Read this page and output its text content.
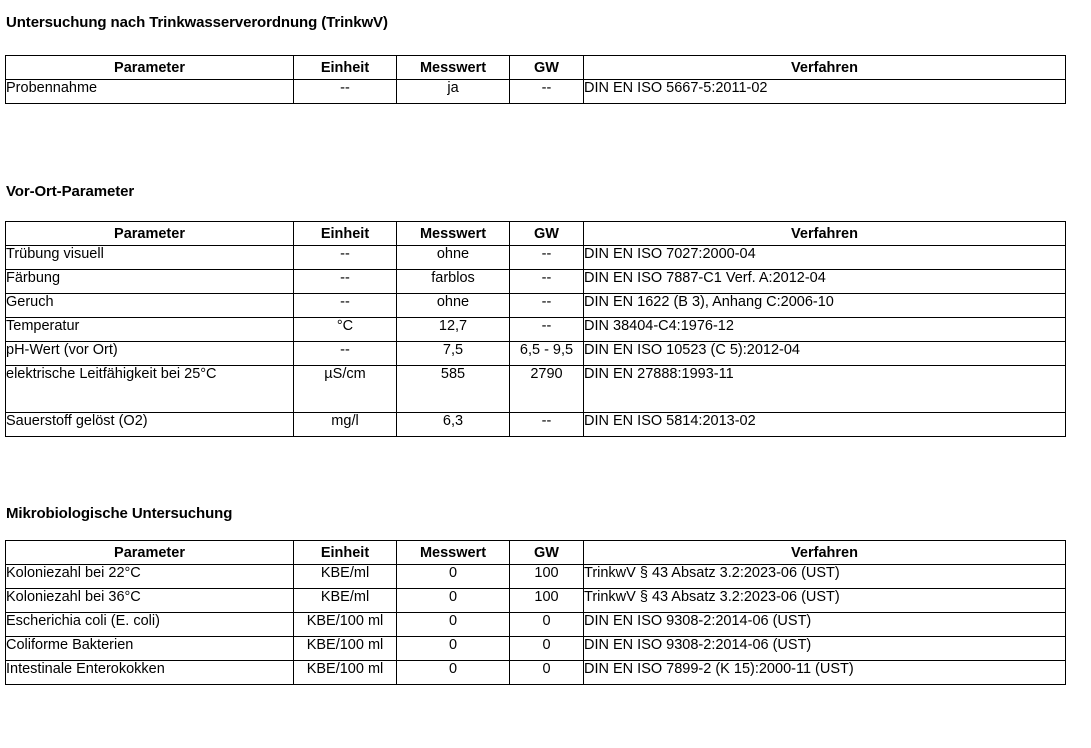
Untersuchung nach Trinkwasserverordnung (TrinkwV)
Parameter	Einheit	Messwert	GW	Verfahren
Probennahme	--	ja	--	DIN EN ISO 5667-5:2011-02
Vor-Ort-Parameter
Parameter	Einheit	Messwert	GW	Verfahren
Trübung visuell	--	ohne	--	DIN EN ISO 7027:2000-04
Färbung	--	farblos	--	DIN EN ISO 7887-C1 Verf. A:2012-04
Geruch	--	ohne	--	DIN EN 1622 (B 3), Anhang C:2006-10
Temperatur	°C	12,7	--	DIN 38404-C4:1976-12
pH-Wert (vor Ort)	--	7,5	6,5 - 9,5	DIN EN ISO 10523 (C 5):2012-04
elektrische Leitfähigkeit bei 25°C	µS/cm	585	2790	DIN EN 27888:1993-11
Sauerstoff gelöst (O2)	mg/l	6,3	--	DIN EN ISO 5814:2013-02
Mikrobiologische Untersuchung
Parameter	Einheit	Messwert	GW	Verfahren
Koloniezahl bei 22°C	KBE/ml	0	100	TrinkwV § 43 Absatz 3.2:2023-06 (UST)
Koloniezahl bei 36°C	KBE/ml	0	100	TrinkwV § 43 Absatz 3.2:2023-06 (UST)
Escherichia coli (E. coli)	KBE/100 ml	0	0	DIN EN ISO 9308-2:2014-06 (UST)
Coliforme Bakterien	KBE/100 ml	0	0	DIN EN ISO 9308-2:2014-06 (UST)
Intestinale Enterokokken	KBE/100 ml	0	0	DIN EN ISO 7899-2 (K 15):2000-11 (UST)
